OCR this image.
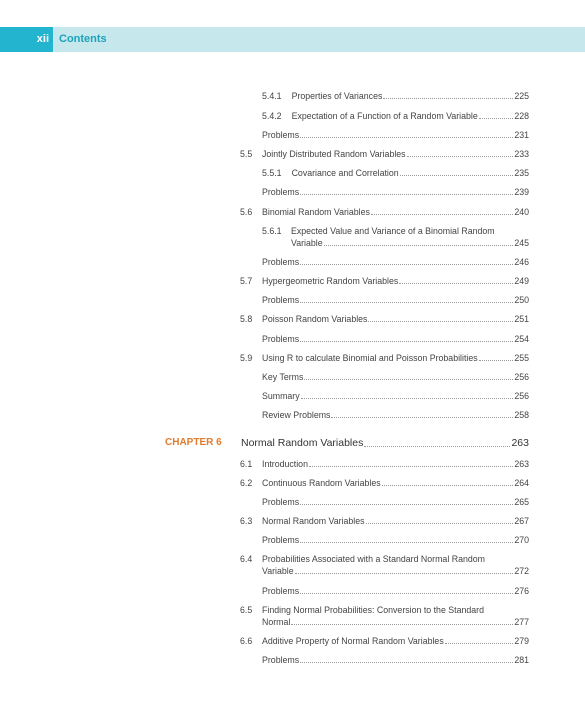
xii Contents
5.4.1 Properties of Variances	225
5.4.2 Expectation of a Function of a Random Variable	228
Problems	231
5.5 Jointly Distributed Random Variables	233
5.5.1 Covariance and Correlation	235
Problems	239
5.6 Binomial Random Variables	240
5.6.1 Expected Value and Variance of a Binomial Random
Variable	245
Problems	246
5.7 Hypergeometric Random Variables	249
Problems	250
5.8 Poisson Random Variables	251
Problems	254
5.9 Using R to calculate Binomial and Poisson Probabilities	255
Key Terms	256
Summary	256
Review Problems	258
CHAPTER 6 Normal Random Variables	263
6.1 Introduction	263
6.2 Continuous Random Variables	264
Problems	265
6.3 Normal Random Variables	267
Problems	270
6.4 Probabilities Associated with a Standard Normal Random
Variable	272
Problems	276
6.5 Finding Normal Probabilities: Conversion to the Standard
Normal	277
6.6 Additive Property of Normal Random Variables	279
Problems	281
